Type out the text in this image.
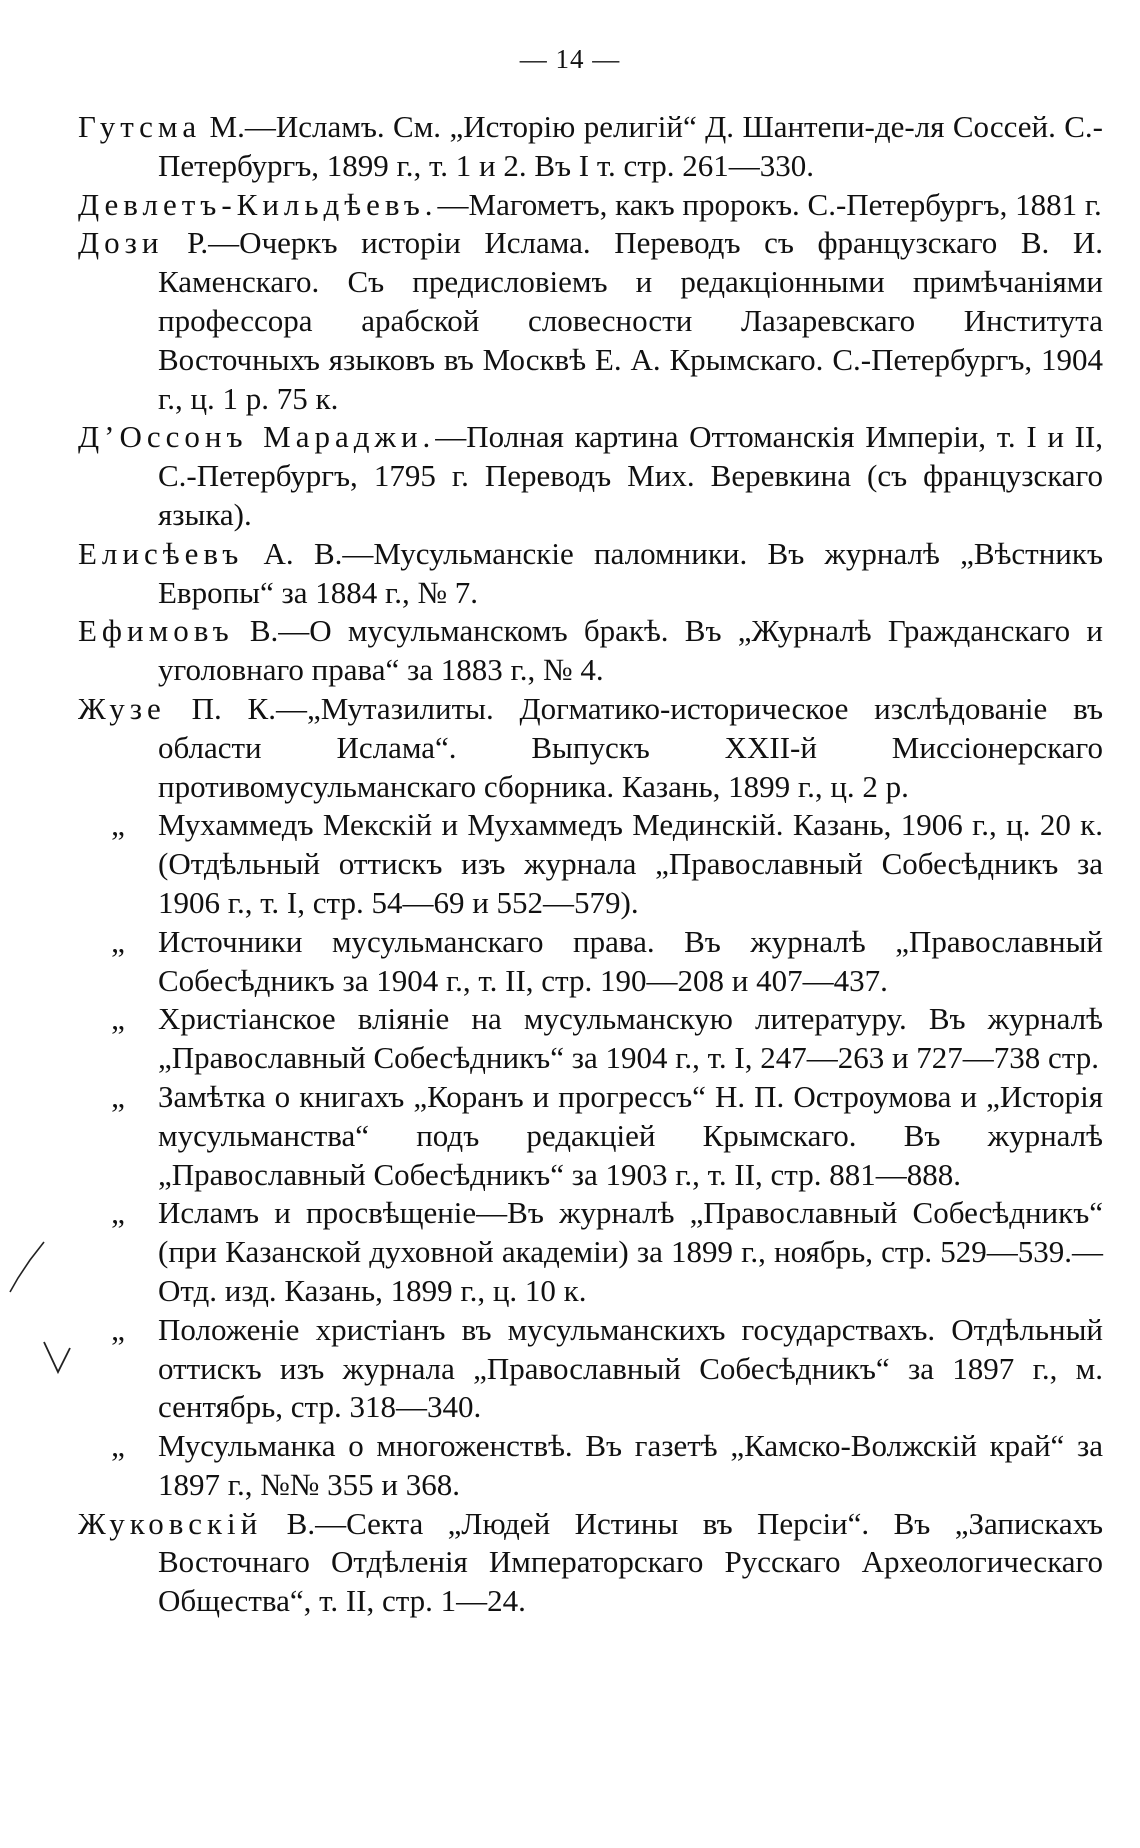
— 14 —

Гутсма М.—Исламъ. См. „Исторію религій“ Д. Шантепи-де-ля Соссей. С.-Петербургъ, 1899 г., т. 1 и 2. Въ I т. стр. 261—330.

Девлетъ-Кильдѣевъ.—Магометъ, какъ пророкъ. С.-Петербургъ, 1881 г.

Дози Р.—Очеркъ исторіи Ислама. Переводъ съ французскаго В. И. Каменскаго. Съ предисловіемъ и редакціонными примѣчаніями профессора арабской словесности Лазаревскаго Института Восточныхъ языковъ въ Москвѣ Е. А. Крымскаго. С.-Петербургъ, 1904 г., ц. 1 р. 75 к.

Д’Оссонъ Мараджи.—Полная картина Оттоманскія Имперіи, т. I и II, С.-Петербургъ, 1795 г. Переводъ Мих. Веревкина (съ французскаго языка).

Елисѣевъ А. В.—Мусульманскіе паломники. Въ журналѣ „Вѣстникъ Европы“ за 1884 г., № 7.

Ефимовъ В.—О мусульманскомъ бракѣ. Въ „Журналѣ Гражданскаго и уголовнаго права“ за 1883 г., № 4.

Жузе П. К.—„Мутазилиты. Догматико-историческое изслѣдованіе въ области Ислама“. Выпускъ XXII-й Миссіонерскаго противомусульманскаго сборника. Казань, 1899 г., ц. 2 р.

„ Мухаммедъ Мекскій и Мухаммедъ Мединскій. Казань, 1906 г., ц. 20 к. (Отдѣльный оттискъ изъ журнала „Православный Собесѣдникъ за 1906 г., т. I, стр. 54—69 и 552—579).

„ Источники мусульманскаго права. Въ журналѣ „Православный Собесѣдникъ за 1904 г., т. II, стр. 190—208 и 407—437.

„ Христіанское вліяніе на мусульманскую литературу. Въ журналѣ „Православный Собесѣдникъ“ за 1904 г., т. I, 247—263 и 727—738 стр.

„ Замѣтка о книгахъ „Коранъ и прогрессъ“ Н. П. Остроумова и „Исторія мусульманства“ подъ редакціей Крымскаго. Въ журналѣ „Православный Собесѣдникъ“ за 1903 г., т. II, стр. 881—888.

„ Исламъ и просвѣщеніе—Въ журналѣ „Православный Собесѣдникъ“ (при Казанской духовной академіи) за 1899 г., ноябрь, стр. 529—539.—Отд. изд. Казань, 1899 г., ц. 10 к.

„ Положеніе христіанъ въ мусульманскихъ государствахъ. Отдѣльный оттискъ изъ журнала „Православный Собесѣдникъ“ за 1897 г., м. сентябрь, стр. 318—340.

„ Мусульманка о многоженствѣ. Въ газетѣ „Камско-Волжскій край“ за 1897 г., №№ 355 и 368.

Жуковскій В.—Секта „Людей Истины въ Персіи“. Въ „Запискахъ Восточнаго Отдѣленія Императорскаго Русскаго Археологическаго Общества“, т. II, стр. 1—24.
